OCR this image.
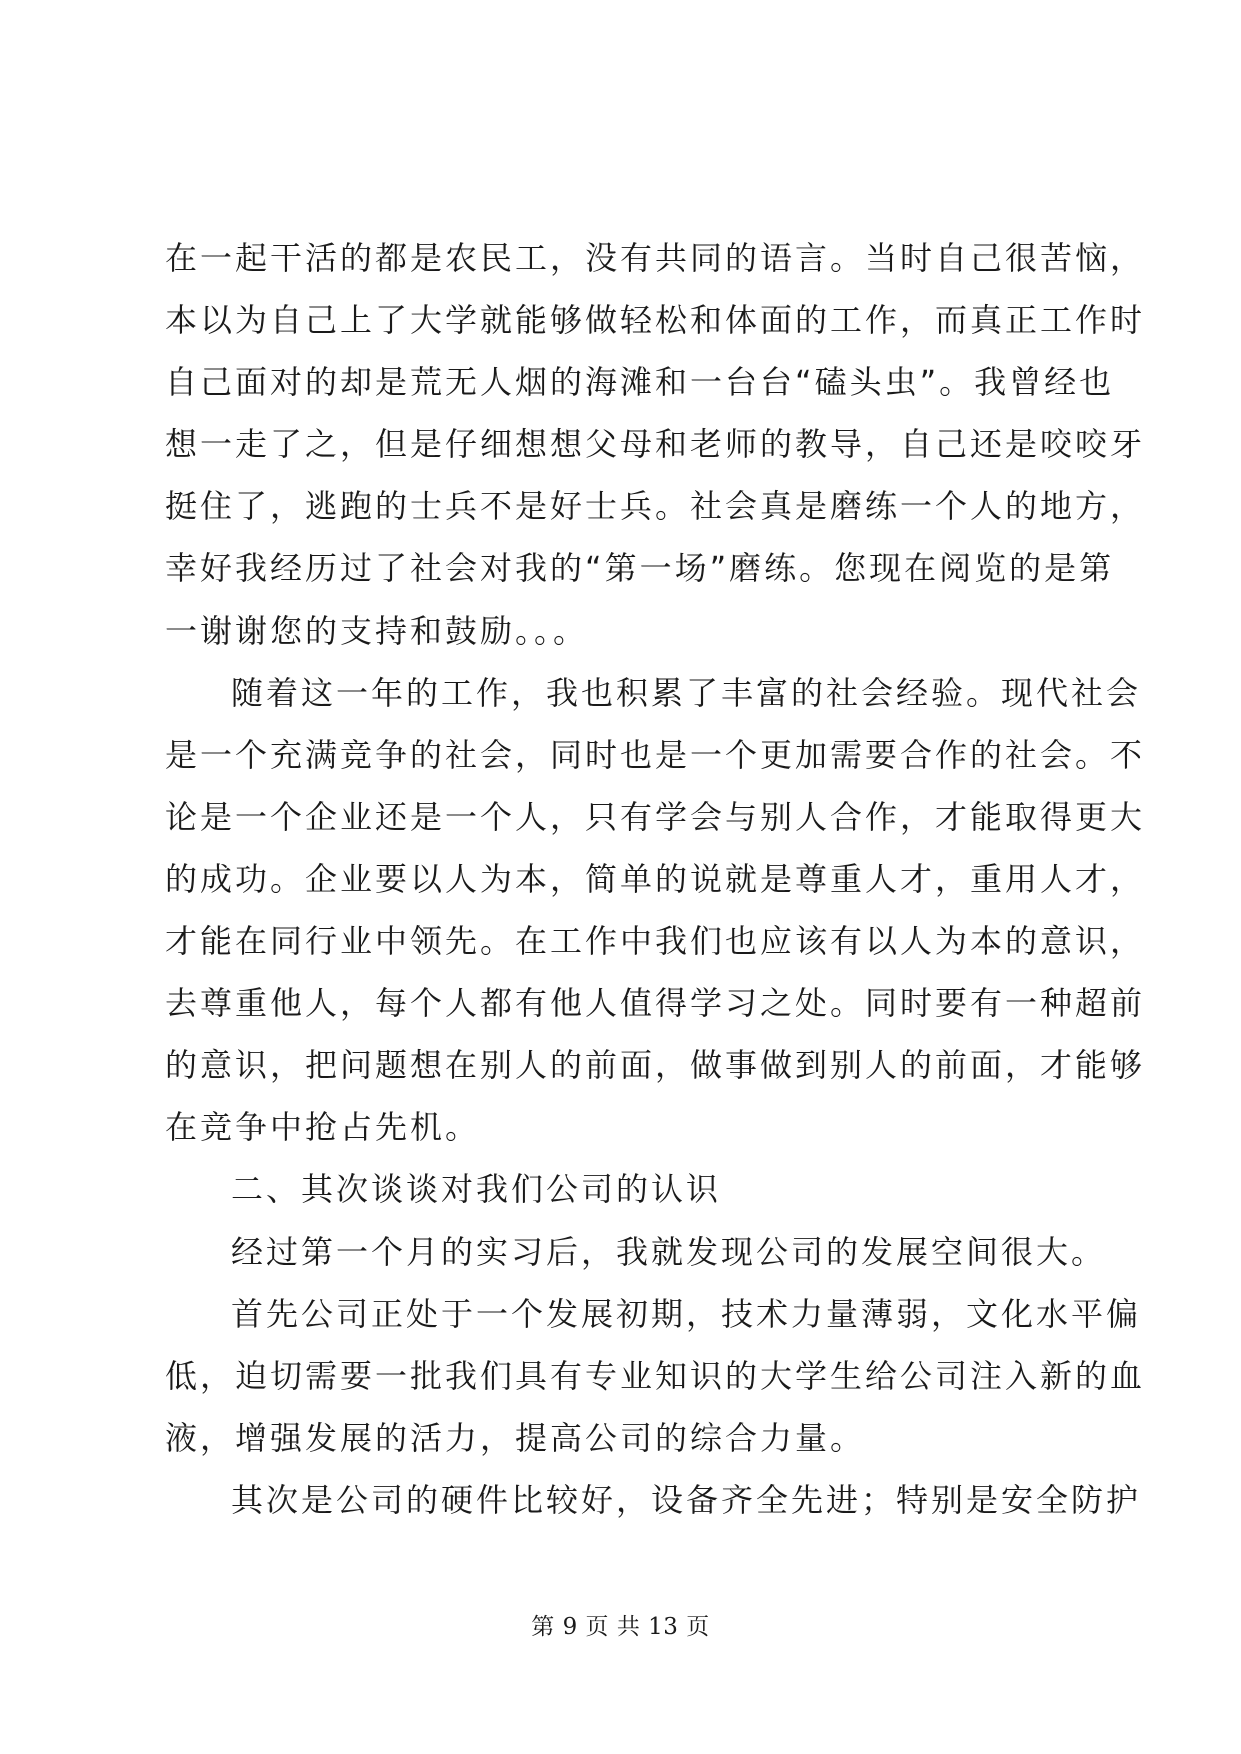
在一起干活的都是农民工，没有共同的语言。当时自己很苦恼，
本以为自己上了大学就能够做轻松和体面的工作，而真正工作时
自己面对的却是荒无人烟的海滩和一台台“磕头虫”。我曾经也
想一走了之，但是仔细想想父母和老师的教导，自己还是咬咬牙
挺住了，逃跑的士兵不是好士兵。社会真是磨练一个人的地方，
幸好我经历过了社会对我的“第一场”磨练。您现在阅览的是第
一谢谢您的支持和鼓励。。。
随着这一年的工作，我也积累了丰富的社会经验。现代社会
是一个充满竞争的社会，同时也是一个更加需要合作的社会。不
论是一个企业还是一个人，只有学会与别人合作，才能取得更大
的成功。企业要以人为本，简单的说就是尊重人才，重用人才，
才能在同行业中领先。在工作中我们也应该有以人为本的意识，
去尊重他人，每个人都有他人值得学习之处。同时要有一种超前
的意识，把问题想在别人的前面，做事做到别人的前面，才能够
在竞争中抢占先机。
二、其次谈谈对我们公司的认识
经过第一个月的实习后，我就发现公司的发展空间很大。
首先公司正处于一个发展初期，技术力量薄弱，文化水平偏
低，迫切需要一批我们具有专业知识的大学生给公司注入新的血
液，增强发展的活力，提高公司的综合力量。
其次是公司的硬件比较好，设备齐全先进；特别是安全防护
第 9 页 共 13 页
